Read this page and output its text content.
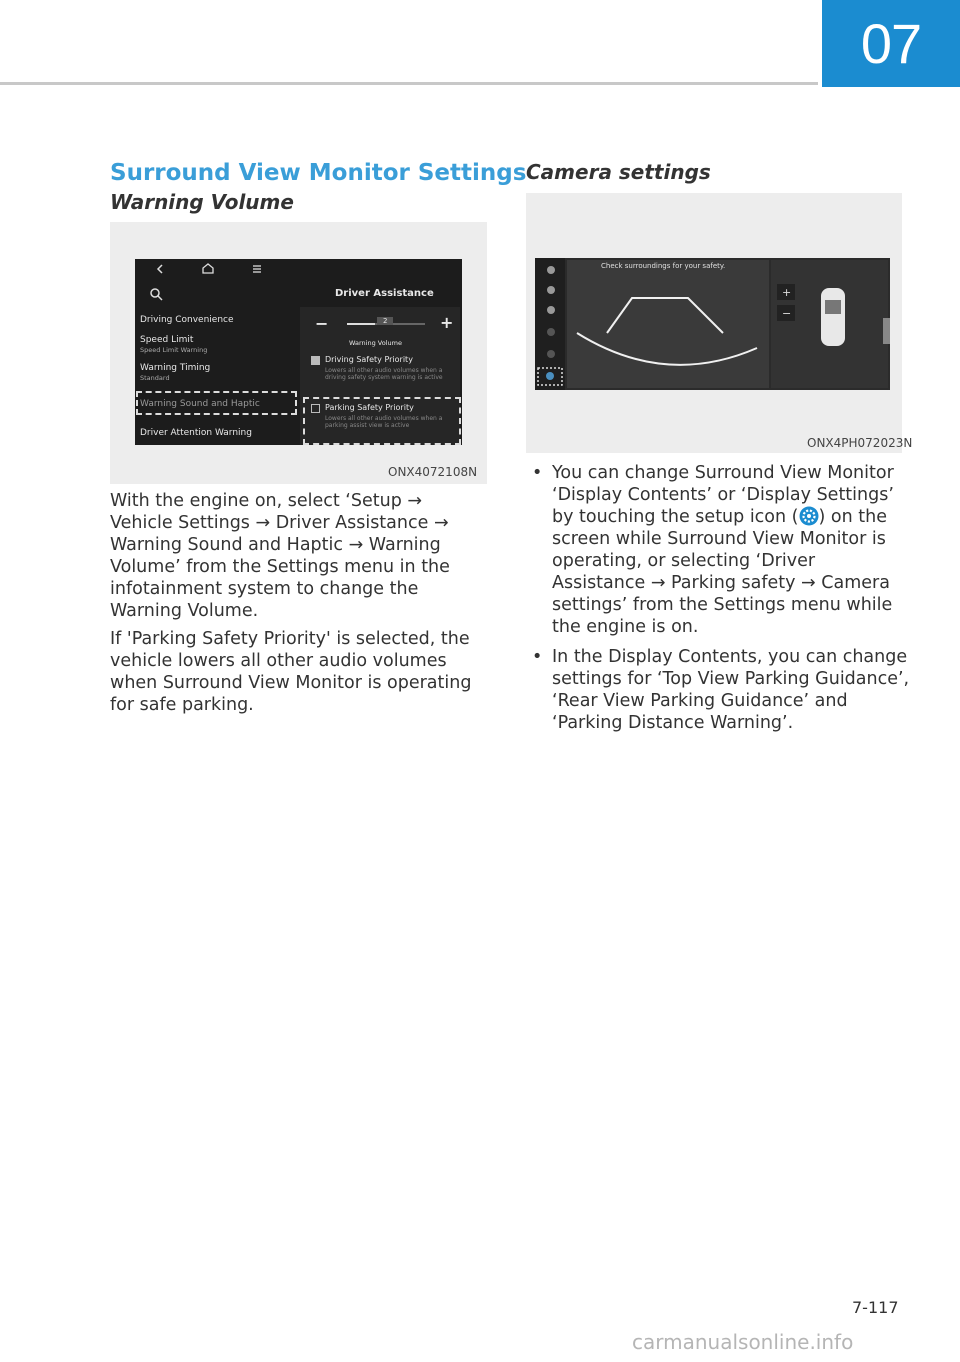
07
Surround View Monitor Settings
Warning Volume
Camera settings
Driver Assistance
Driving Convenience
Speed Limit
Speed Limit Warning
Warning Timing
Standard
Warning Sound and Haptic
Driver Attention Warning
−	+
2
Warning Volume
Driving Safety Priority
Lowers all other audio volumes when a driving safety system warning is active
Parking Safety Priority
Lowers all other audio volumes when a parking assist view is active
ONX4072108N

With the engine on, select ‘Setup → Vehicle Settings → Driver Assistance → Warning Sound and Haptic → Warning Volume’ from the Settings menu in the infotainment system to change the Warning Volume.

If 'Parking Safety Priority' is selected, the vehicle lowers all other audio volumes when Surround View Monitor is operating for safe parking.

+
−
Check surroundings for your safety.
ONX4PH072023N
• You can change Surround View Monitor ‘Display Contents’ or ‘Display Settings’ by touching the setup icon ( ) on the screen while Surround View Monitor is operating, or selecting ‘Driver Assistance → Parking safety → Camera settings’ from the Settings menu while the engine is on.
• In the Display Contents, you can change settings for ‘Top View Parking Guidance’, ‘Rear View Parking Guidance’ and ‘Parking Distance Warning’.
7-117
carmanualsonline.info
